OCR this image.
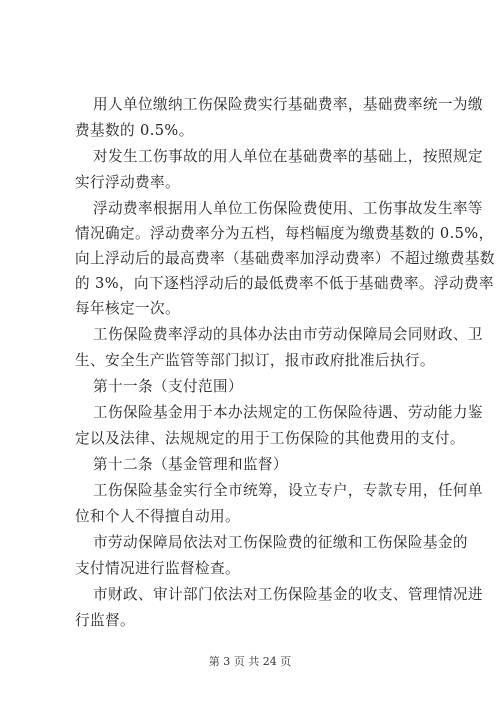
用人单位缴纳工伤保险费实行基础费率，基础费率统一为缴
费基数的 0.5%。
对发生工伤事故的用人单位在基础费率的基础上，按照规定
实行浮动费率。
浮动费率根据用人单位工伤保险费使用、工伤事故发生率等
情况确定。浮动费率分为五档，每档幅度为缴费基数的 0.5%，
向上浮动后的最高费率（基础费率加浮动费率）不超过缴费基数
的 3%，向下逐档浮动后的最低费率不低于基础费率。浮动费率
每年核定一次。
工伤保险费率浮动的具体办法由市劳动保障局会同财政、卫
生、安全生产监管等部门拟订，报市政府批准后执行。
第十一条（支付范围）
工伤保险基金用于本办法规定的工伤保险待遇、劳动能力鉴
定以及法律、法规规定的用于工伤保险的其他费用的支付。
第十二条（基金管理和监督）
工伤保险基金实行全市统筹，设立专户，专款专用，任何单
位和个人不得擅自动用。
市劳动保障局依法对工伤保险费的征缴和工伤保险基金的
支付情况进行监督检查。
市财政、审计部门依法对工伤保险基金的收支、管理情况进
行监督。
第 3 页 共 24 页
